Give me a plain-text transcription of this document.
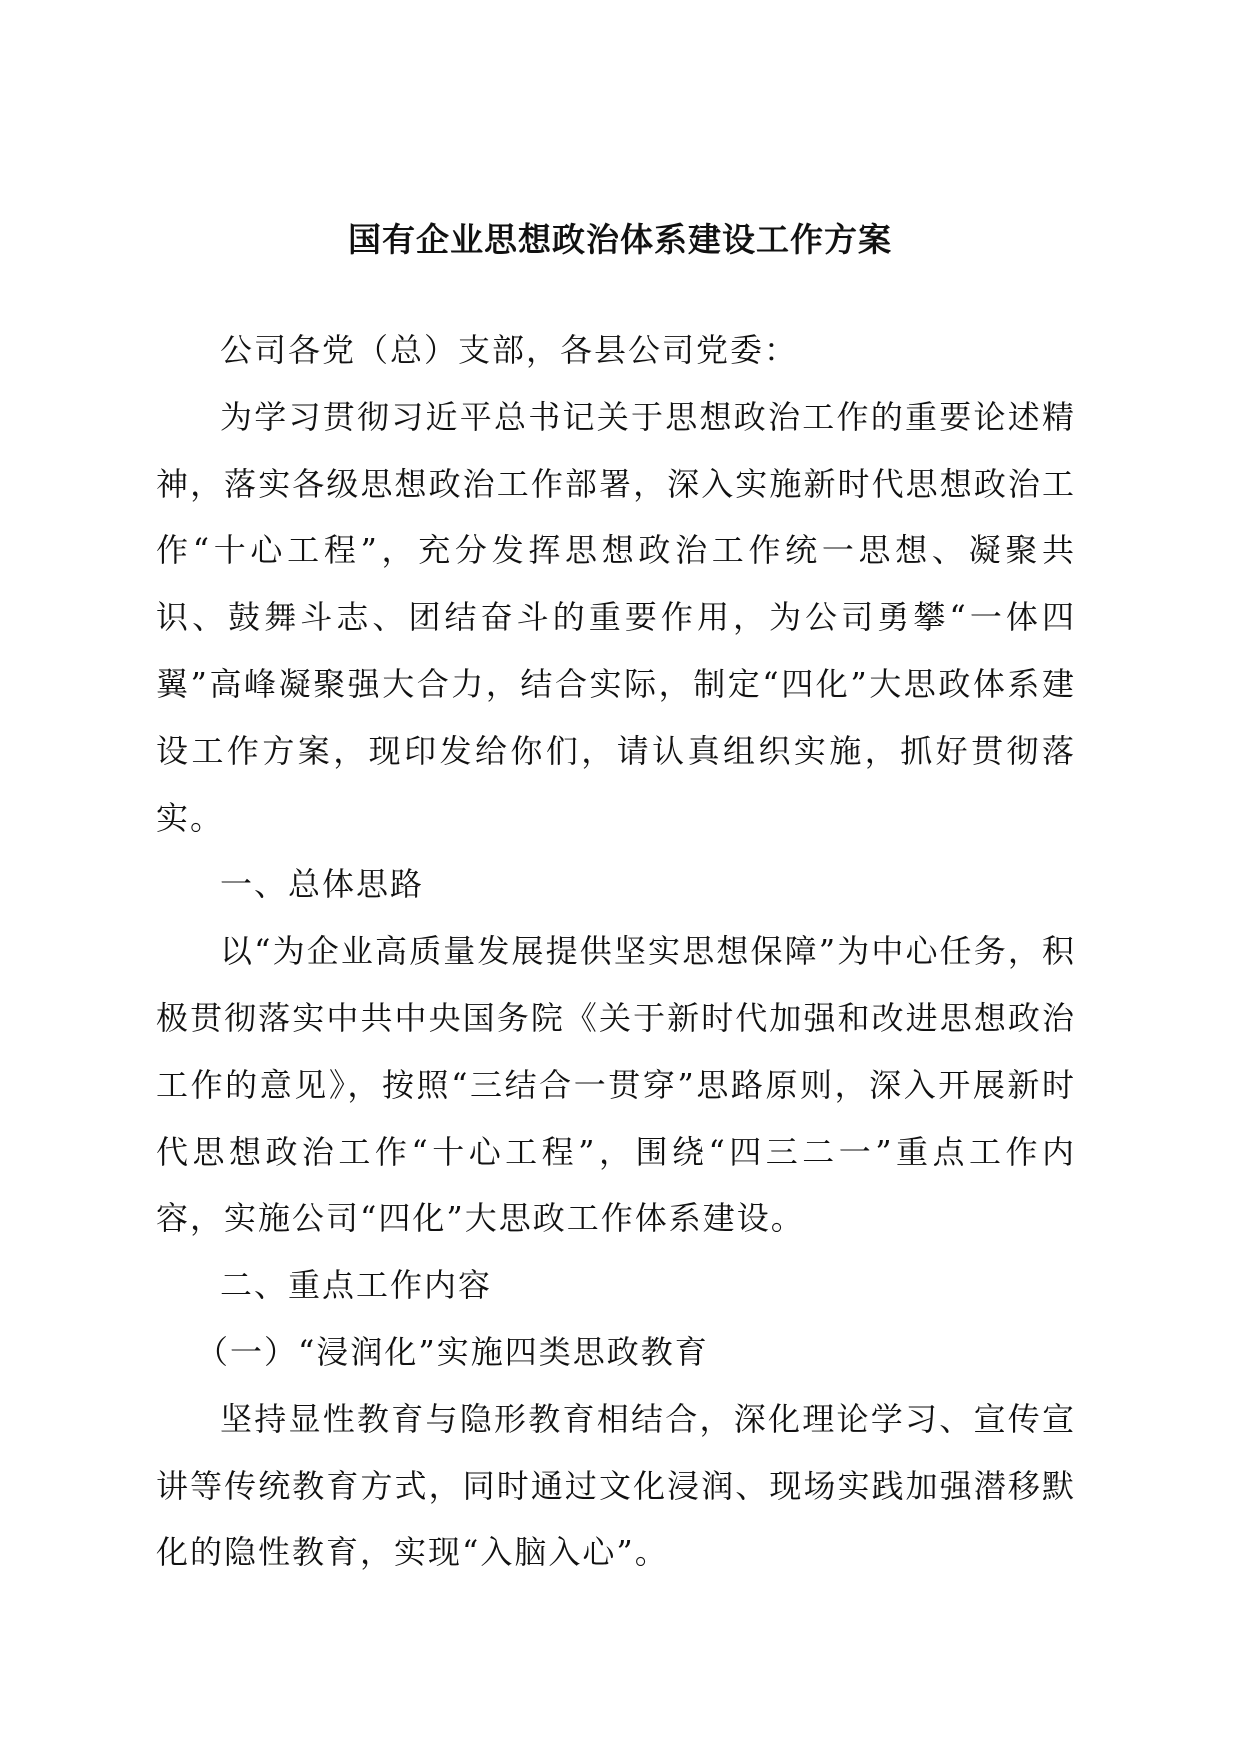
国有企业思想政治体系建设工作方案

公司各党（总）支部，各县公司党委：

为学习贯彻习近平总书记关于思想政治工作的重要论述精神，落实各级思想政治工作部署，深入实施新时代思想政治工作“十心工程”，充分发挥思想政治工作统一思想、凝聚共识、鼓舞斗志、团结奋斗的重要作用，为公司勇攀“一体四翼”高峰凝聚强大合力，结合实际，制定“四化”大思政体系建设工作方案，现印发给你们，请认真组织实施，抓好贯彻落实。

一、总体思路

以“为企业高质量发展提供坚实思想保障”为中心任务，积极贯彻落实中共中央国务院《关于新时代加强和改进思想政治工作的意见》，按照“三结合一贯穿”思路原则，深入开展新时代思想政治工作“十心工程”，围绕“四三二一”重点工作内容，实施公司“四化”大思政工作体系建设。

二、重点工作内容

（一）“浸润化”实施四类思政教育

坚持显性教育与隐形教育相结合，深化理论学习、宣传宣讲等传统教育方式，同时通过文化浸润、现场实践加强潜移默化的隐性教育，实现“入脑入心”。
